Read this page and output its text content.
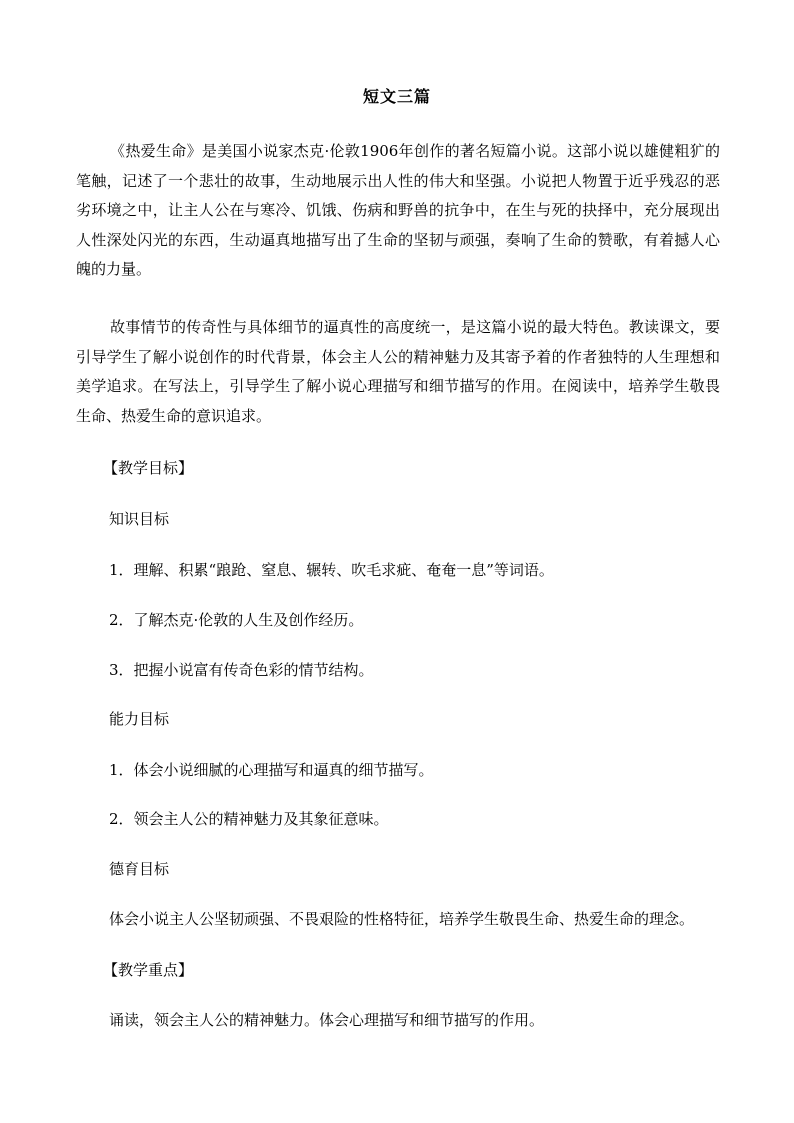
短文三篇

《热爱生命》是美国小说家杰克·伦敦1906年创作的著名短篇小说。这部小说以雄健粗犷的笔触，记述了一个悲壮的故事，生动地展示出人性的伟大和坚强。小说把人物置于近乎残忍的恶劣环境之中，让主人公在与寒冷、饥饿、伤病和野兽的抗争中，在生与死的抉择中，充分展现出人性深处闪光的东西，生动逼真地描写出了生命的坚韧与顽强，奏响了生命的赞歌，有着撼人心魄的力量。

故事情节的传奇性与具体细节的逼真性的高度统一，是这篇小说的最大特色。教读课文，要引导学生了解小说创作的时代背景，体会主人公的精神魅力及其寄予着的作者独特的人生理想和美学追求。在写法上，引导学生了解小说心理描写和细节描写的作用。在阅读中，培养学生敬畏生命、热爱生命的意识追求。

【教学目标】

知识目标

1．理解、积累“踉跄、窒息、辗转、吹毛求疵、奄奄一息”等词语。

2．了解杰克·伦敦的人生及创作经历。

3．把握小说富有传奇色彩的情节结构。

能力目标

1．体会小说细腻的心理描写和逼真的细节描写。

2．领会主人公的精神魅力及其象征意味。

德育目标

体会小说主人公坚韧顽强、不畏艰险的性格特征，培养学生敬畏生命、热爱生命的理念。

【教学重点】

诵读，领会主人公的精神魅力。体会心理描写和细节描写的作用。
